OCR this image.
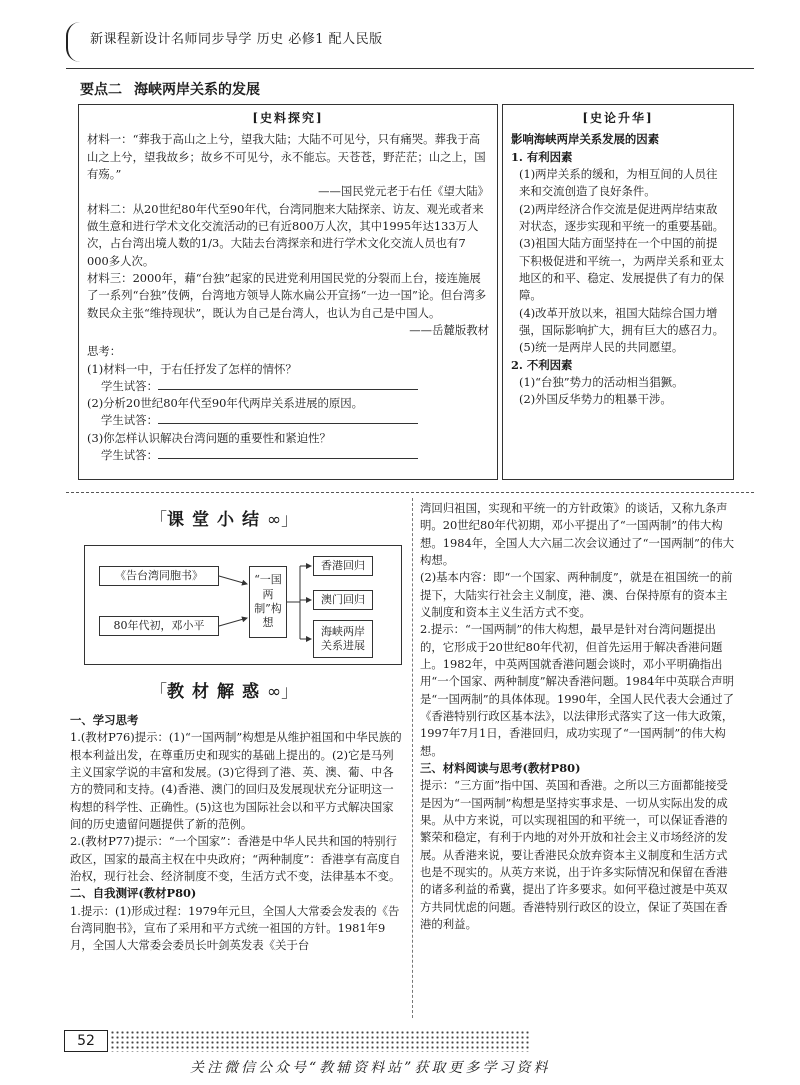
新课程新设计名师同步导学 历史 必修1 配人民版
要点二 海峡两岸关系的发展
[史料探究]
材料一：“葬我于高山之上兮，望我大陆；大陆不可见兮，只有痛哭。葬我于高山之上兮，望我故乡；故乡不可见兮，永不能忘。天苍苍，野茫茫；山之上，国有殇。”
——国民党元老于右任《望大陆》
材料二：从20世纪80年代至90年代，台湾同胞来大陆探亲、访友、观光或者来做生意和进行学术文化交流活动的已有近800万人次，其中1995年达133万人次，占台湾出境人数的1/3。大陆去台湾探亲和进行学术文化交流人员也有7 000多人次。
材料三：2000年，藉“台独”起家的民进党利用国民党的分裂而上台，接连施展了一系列“台独”伎俩，台湾地方领导人陈水扁公开宣扬“一边一国”论。但台湾多数民众主张“维持现状”，既认为自己是台湾人，也认为自己是中国人。
——岳麓版教材
思考：
(1)材料一中，于右任抒发了怎样的情怀？
学生试答：
(2)分析20世纪80年代至90年代两岸关系进展的原因。
学生试答：
(3)你怎样认识解决台湾问题的重要性和紧迫性？
学生试答：
[史论升华]
影响海峡两岸关系发展的因素
1. 有利因素
(1)两岸关系的缓和，为相互间的人员往来和交流创造了良好条件。
(2)两岸经济合作交流是促进两岸结束敌对状态，逐步实现和平统一的重要基础。
(3)祖国大陆方面坚持在一个中国的前提下积极促进和平统一，为两岸关系和亚太地区的和平、稳定、发展提供了有力的保障。
(4)改革开放以来，祖国大陆综合国力增强，国际影响扩大，拥有巨大的感召力。
(5)统一是两岸人民的共同愿望。
2. 不利因素
(1)“台独”势力的活动相当猖獗。
(2)外国反华势力的粗暴干涉。
「课堂小结∞」
《告台湾同胞书》
80年代初，邓小平
“一国两制”构想
香港回归
澳门回归
海峡两岸关系进展
「教材解惑∞」
一、学习思考
1.(教材P76)提示：(1)“一国两制”构想是从维护祖国和中华民族的根本利益出发，在尊重历史和现实的基础上提出的。(2)它是马列主义国家学说的丰富和发展。(3)它得到了港、英、澳、葡、中各方的赞同和支持。(4)香港、澳门的回归及发展现状充分证明这一构想的科学性、正确性。(5)这也为国际社会以和平方式解决国家间的历史遗留问题提供了新的范例。
2.(教材P77)提示：“一个国家”：香港是中华人民共和国的特别行政区，国家的最高主权在中央政府；“两种制度”：香港享有高度自治权，现行社会、经济制度不变，生活方式不变，法律基本不变。
二、自我测评(教材P80)
1.提示：(1)形成过程：1979年元旦，全国人大常委会发表的《告台湾同胞书》，宣布了采用和平方式统一祖国的方针。1981年9月，全国人大常委会委员长叶剑英发表《关于台
湾回归祖国，实现和平统一的方针政策》的谈话，又称九条声明。20世纪80年代初期，邓小平提出了“一国两制”的伟大构想。1984年，全国人大六届二次会议通过了“一国两制”的伟大构想。
(2)基本内容：即“一个国家、两种制度”，就是在祖国统一的前提下，大陆实行社会主义制度，港、澳、台保持原有的资本主义制度和资本主义生活方式不变。
2.提示：“一国两制”的伟大构想，最早是针对台湾问题提出的，它形成于20世纪80年代初，但首先运用于解决香港问题上。1982年，中英两国就香港问题会谈时，邓小平明确指出用“一个国家、两种制度”解决香港问题。1984年中英联合声明是“一国两制”的具体体现。1990年，全国人民代表大会通过了《香港特别行政区基本法》，以法律形式落实了这一伟大政策，1997年7月1日，香港回归，成功实现了“一国两制”的伟大构想。
三、材料阅读与思考(教材P80)
提示：“三方面”指中国、英国和香港。之所以三方面都能接受是因为“一国两制”构想是坚持实事求是、一切从实际出发的成果。从中方来说，可以实现祖国的和平统一，可以保证香港的繁荣和稳定，有利于内地的对外开放和社会主义市场经济的发展。从香港来说，要让香港民众放弃资本主义制度和生活方式也是不现实的。从英方来说，出于许多实际情况和保留在香港的诸多利益的希冀，提出了许多要求。如何平稳过渡是中英双方共同忧虑的问题。香港特别行政区的设立，保证了英国在香港的利益。
52
关注微信公众号“教辅资料站”获取更多学习资料
